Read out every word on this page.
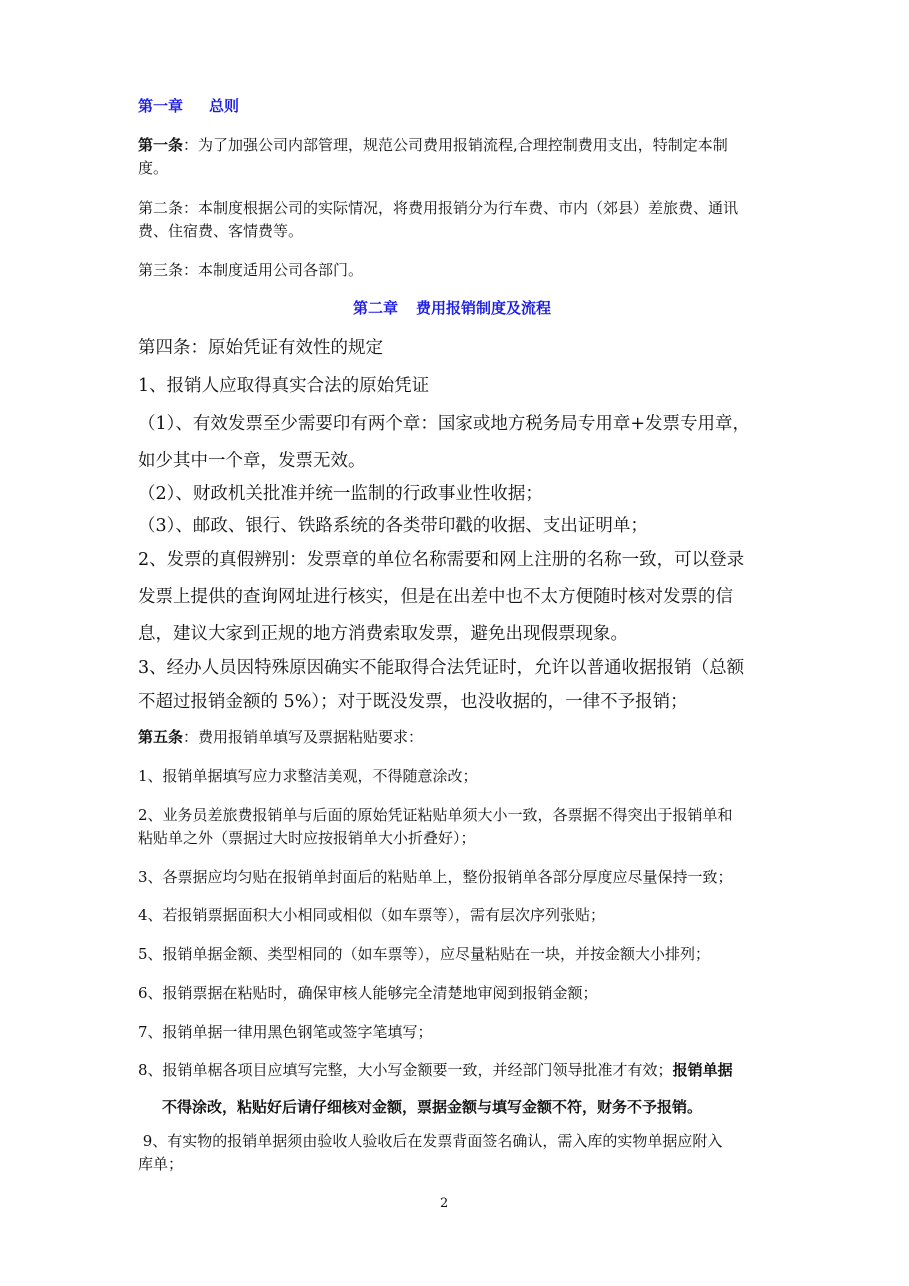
第一章 总则
第一条：为了加强公司内部管理，规范公司费用报销流程,合理控制费用支出，特制定本制
度。
第二条：本制度根据公司的实际情况，将费用报销分为行车费、市内（郊县）差旅费、通讯
费、住宿费、客情费等。
第三条：本制度适用公司各部门。
第二章 费用报销制度及流程
第四条：原始凭证有效性的规定
1、报销人应取得真实合法的原始凭证
（1）、有效发票至少需要印有两个章：国家或地方税务局专用章+发票专用章，
如少其中一个章，发票无效。
（2）、财政机关批准并统一监制的行政事业性收据；
（3）、邮政、银行、铁路系统的各类带印戳的收据、支出证明单；
2、发票的真假辨别：发票章的单位名称需要和网上注册的名称一致，可以登录
发票上提供的查询网址进行核实，但是在出差中也不太方便随时核对发票的信
息，建议大家到正规的地方消费索取发票，避免出现假票现象。
3、经办人员因特殊原因确实不能取得合法凭证时，允许以普通收据报销（总额
不超过报销金额的 5%）；对于既没发票，也没收据的，一律不予报销；
第五条：费用报销单填写及票据粘贴要求：
1、报销单据填写应力求整洁美观，不得随意涂改；
2、业务员差旅费报销单与后面的原始凭证粘贴单须大小一致，各票据不得突出于报销单和
粘贴单之外（票据过大时应按报销单大小折叠好）；
3、各票据应均匀贴在报销单封面后的粘贴单上，整份报销单各部分厚度应尽量保持一致；
4、若报销票据面积大小相同或相似（如车票等），需有层次序列张贴；
5、报销单据金额、类型相同的（如车票等），应尽量粘贴在一块，并按金额大小排列；
6、报销票据在粘贴时，确保审核人能够完全清楚地审阅到报销金额；
7、报销单据一律用黑色钢笔或签字笔填写；
8、报销单椐各项目应填写完整，大小写金额要一致，并经部门领导批准才有效；报销单据
不得涂改，粘贴好后请仔细核对金额，票据金额与填写金额不符，财务不予报销。
9、有实物的报销单据须由验收人验收后在发票背面签名确认，需入库的实物单据应附入
库单；
2
